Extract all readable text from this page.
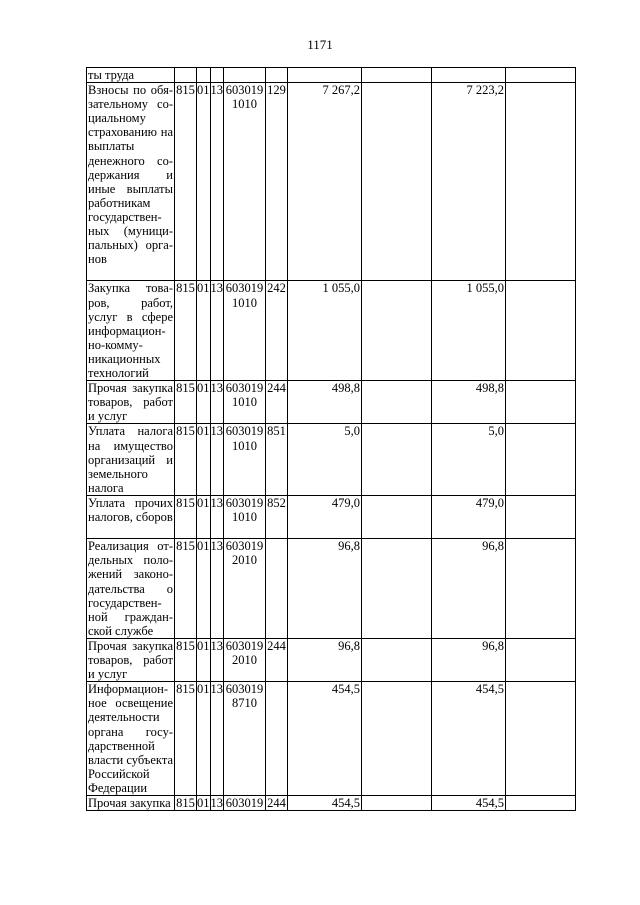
1171
ты труда									
Взносы по обязательному социальному страхованию на выплаты денежного содержания и иные выплаты работникам государственных (муниципальных) органов	815	01	13	603019 1010	129	7 267,2		7 223,2	
Закупка товаров, работ, услуг в сфере информационно-коммуникационных технологий	815	01	13	603019 1010	242	1 055,0		1 055,0	
Прочая закупка товаров, работ и услуг	815	01	13	603019 1010	244	498,8		498,8	
Уплата налога на имущество организаций и земельного налога	815	01	13	603019 1010	851	5,0		5,0	
Уплата прочих налогов, сборов	815	01	13	603019 1010	852	479,0		479,0	
Реализация отдельных положений законодательства о государственной гражданской службе	815	01	13	603019 2010		96,8		96,8	
Прочая закупка товаров, работ и услуг	815	01	13	603019 2010	244	96,8		96,8	
Информационное освещение деятельности органа государственной власти субъекта Российской Федерации	815	01	13	603019 8710		454,5		454,5	
Прочая закупка	815	01	13	603019	244	454,5		454,5	
